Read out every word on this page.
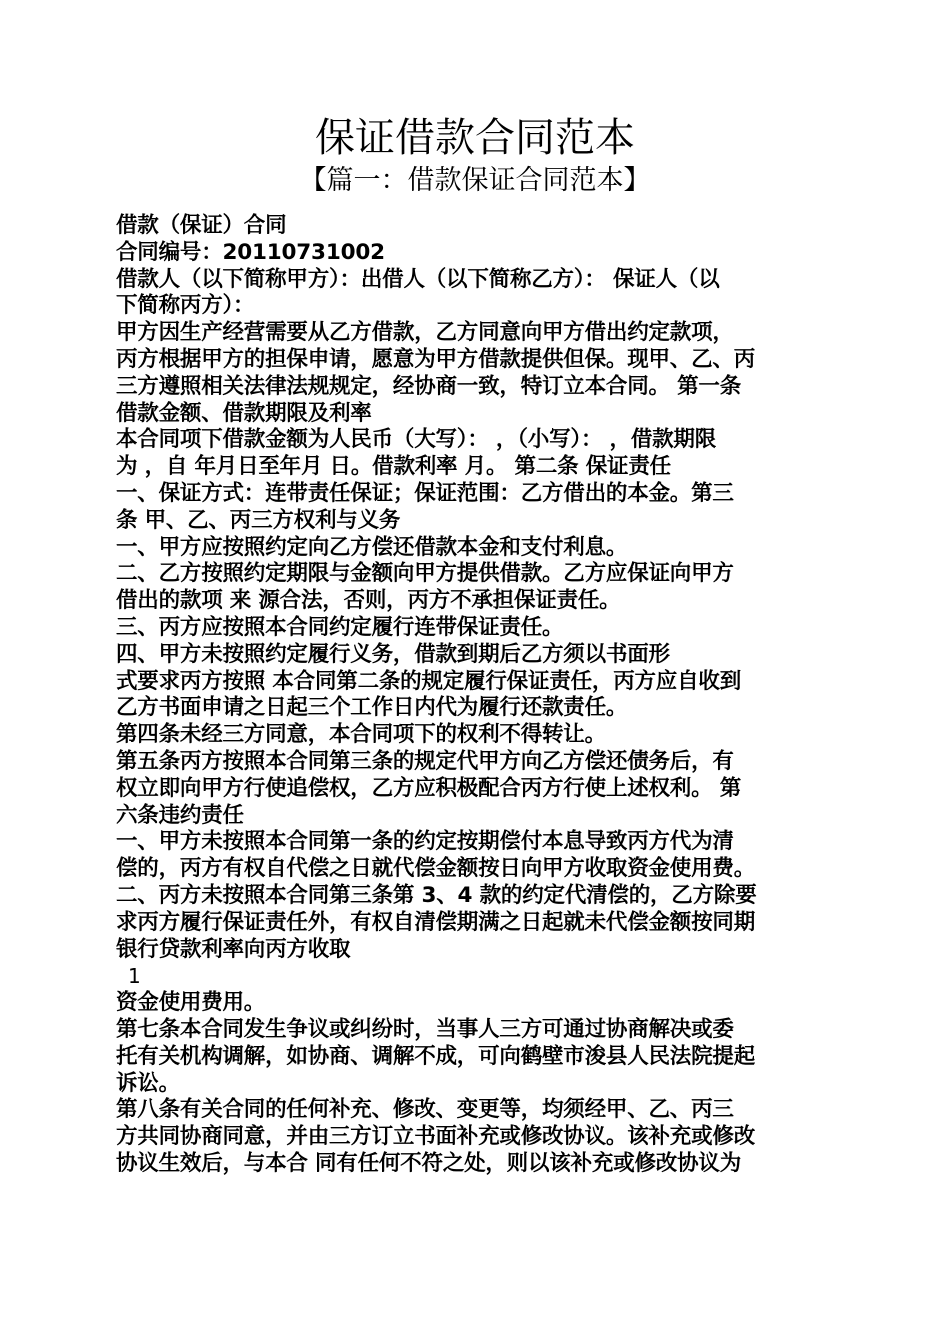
保证借款合同范本
【篇一：借款保证合同范本】
借款（保证）合同
合同编号：20110731002
借款人（以下简称甲方）：出借人（以下简称乙方）： 保证人（以
下简称丙方）：
甲方因生产经营需要从乙方借款，乙方同意向甲方借出约定款项，
丙方根据甲方的担保申请，愿意为甲方借款提供但保。现甲、乙、丙
三方遵照相关法律法规规定，经协商一致，特订立本合同。 第一条
借款金额、借款期限及利率
本合同项下借款金额为人民币（大写）： ，（小写）： ，借款期限
为 ，自 年月日至年月 日。借款利率 月。 第二条 保证责任
一、保证方式：连带责任保证；保证范围：乙方借出的本金。第三
条 甲、乙、丙三方权利与义务
一、甲方应按照约定向乙方偿还借款本金和支付利息。
二、乙方按照约定期限与金额向甲方提供借款。乙方应保证向甲方
借出的款项 来 源合法，否则，丙方不承担保证责任。
三、丙方应按照本合同约定履行连带保证责任。
四、甲方未按照约定履行义务，借款到期后乙方须以书面形
式要求丙方按照 本合同第二条的规定履行保证责任，丙方应自收到
乙方书面申请之日起三个工作日内代为履行还款责任。
第四条未经三方同意，本合同项下的权利不得转让。
第五条丙方按照本合同第三条的规定代甲方向乙方偿还债务后，有
权立即向甲方行使追偿权，乙方应积极配合丙方行使上述权利。 第
六条违约责任
一、甲方未按照本合同第一条的约定按期偿付本息导致丙方代为清
偿的，丙方有权自代偿之日就代偿金额按日向甲方收取资金使用费。
二、丙方未按照本合同第三条第 3、4 款的约定代清偿的，乙方除要
求丙方履行保证责任外，有权自清偿期满之日起就未代偿金额按同期
银行贷款利率向丙方收取
1
资金使用费用。
第七条本合同发生争议或纠纷时，当事人三方可通过协商解决或委
托有关机构调解，如协商、调解不成，可向鹤壁市浚县人民法院提起
诉讼。
第八条有关合同的任何补充、修改、变更等，均须经甲、乙、丙三
方共同协商同意，并由三方订立书面补充或修改协议。该补充或修改
协议生效后，与本合 同有任何不符之处，则以该补充或修改协议为
